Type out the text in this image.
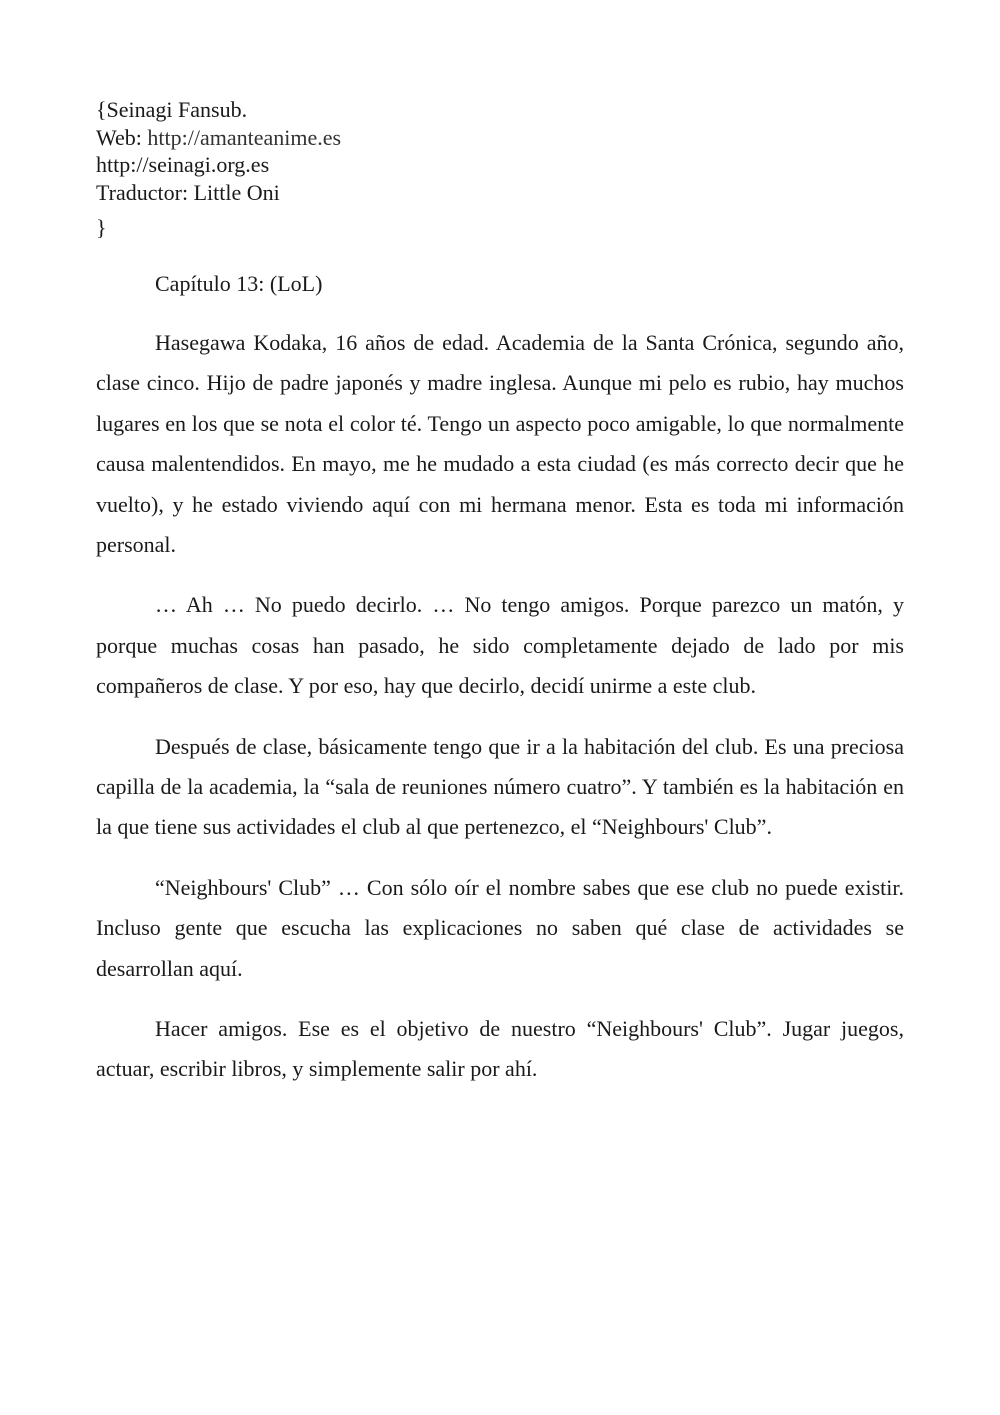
{Seinagi Fansub.
Web: http://amanteanime.es
http://seinagi.org.es
Traductor: Little Oni
}
Capítulo 13: (LoL)

Hasegawa Kodaka, 16 años de edad. Academia de la Santa Crónica, segundo año, clase cinco. Hijo de padre japonés y madre inglesa. Aunque mi pelo es rubio, hay muchos lugares en los que se nota el color té. Tengo un aspecto poco amigable, lo que normalmente causa malentendidos. En mayo, me he mudado a esta ciudad (es más correcto decir que he vuelto), y he estado viviendo aquí con mi hermana menor. Esta es toda mi información personal.

… Ah … No puedo decirlo. … No tengo amigos. Porque parezco un matón, y porque muchas cosas han pasado, he sido completamente dejado de lado por mis compañeros de clase. Y por eso, hay que decirlo, decidí unirme a este club.

Después de clase, básicamente tengo que ir a la habitación del club. Es una preciosa capilla de la academia, la “sala de reuniones número cuatro”. Y también es la habitación en la que tiene sus actividades el club al que pertenezco, el “Neighbours' Club”.

“Neighbours' Club” … Con sólo oír el nombre sabes que ese club no puede existir. Incluso gente que escucha las explicaciones no saben qué clase de actividades se desarrollan aquí.

Hacer amigos. Ese es el objetivo de nuestro “Neighbours' Club”. Jugar juegos, actuar, escribir libros, y simplemente salir por ahí.
